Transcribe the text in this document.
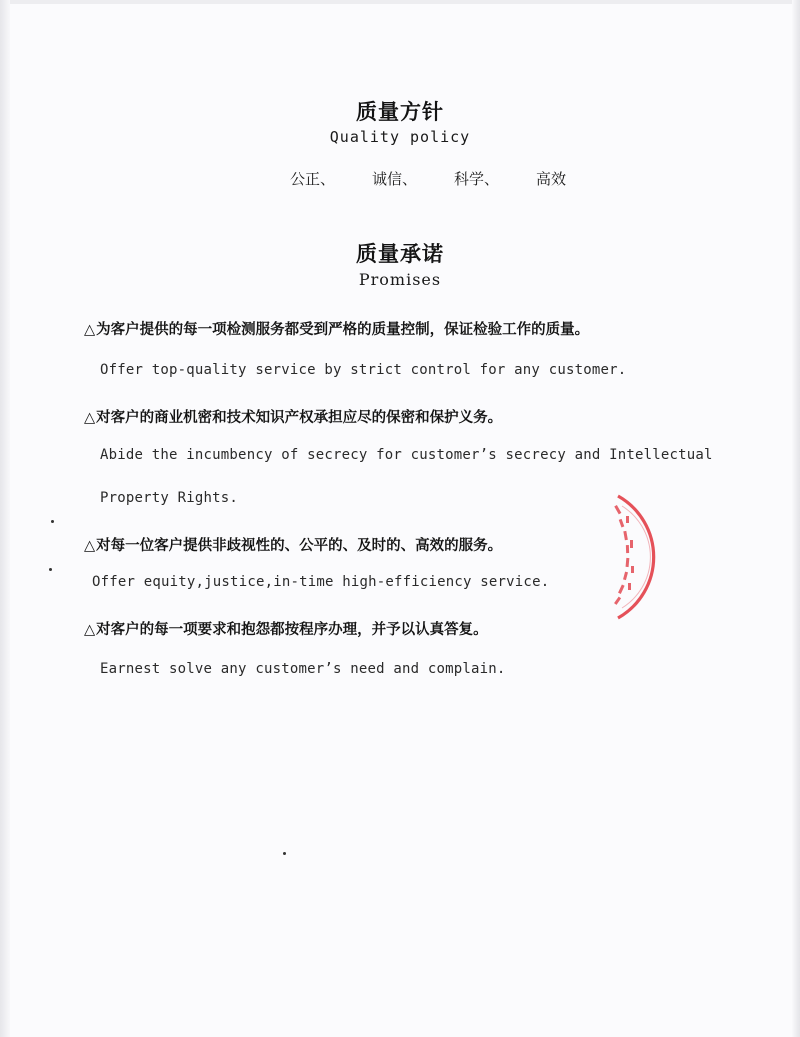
质量方针
Quality policy
公正、 诚信、 科学、 高效
质量承诺
Promises
△为客户提供的每一项检测服务都受到严格的质量控制，保证检验工作的质量。
Offer top-quality service by strict control for any customer.
△对客户的商业机密和技术知识产权承担应尽的保密和保护义务。
Abide the incumbency of secrecy for customer’s secrecy and Intellectual
Property Rights.
△对每一位客户提供非歧视性的、公平的、及时的、高效的服务。
Offer equity,justice,in-time high-efficiency service.
△对客户的每一项要求和抱怨都按程序办理，并予以认真答复。
Earnest solve any customer’s need and complain.
